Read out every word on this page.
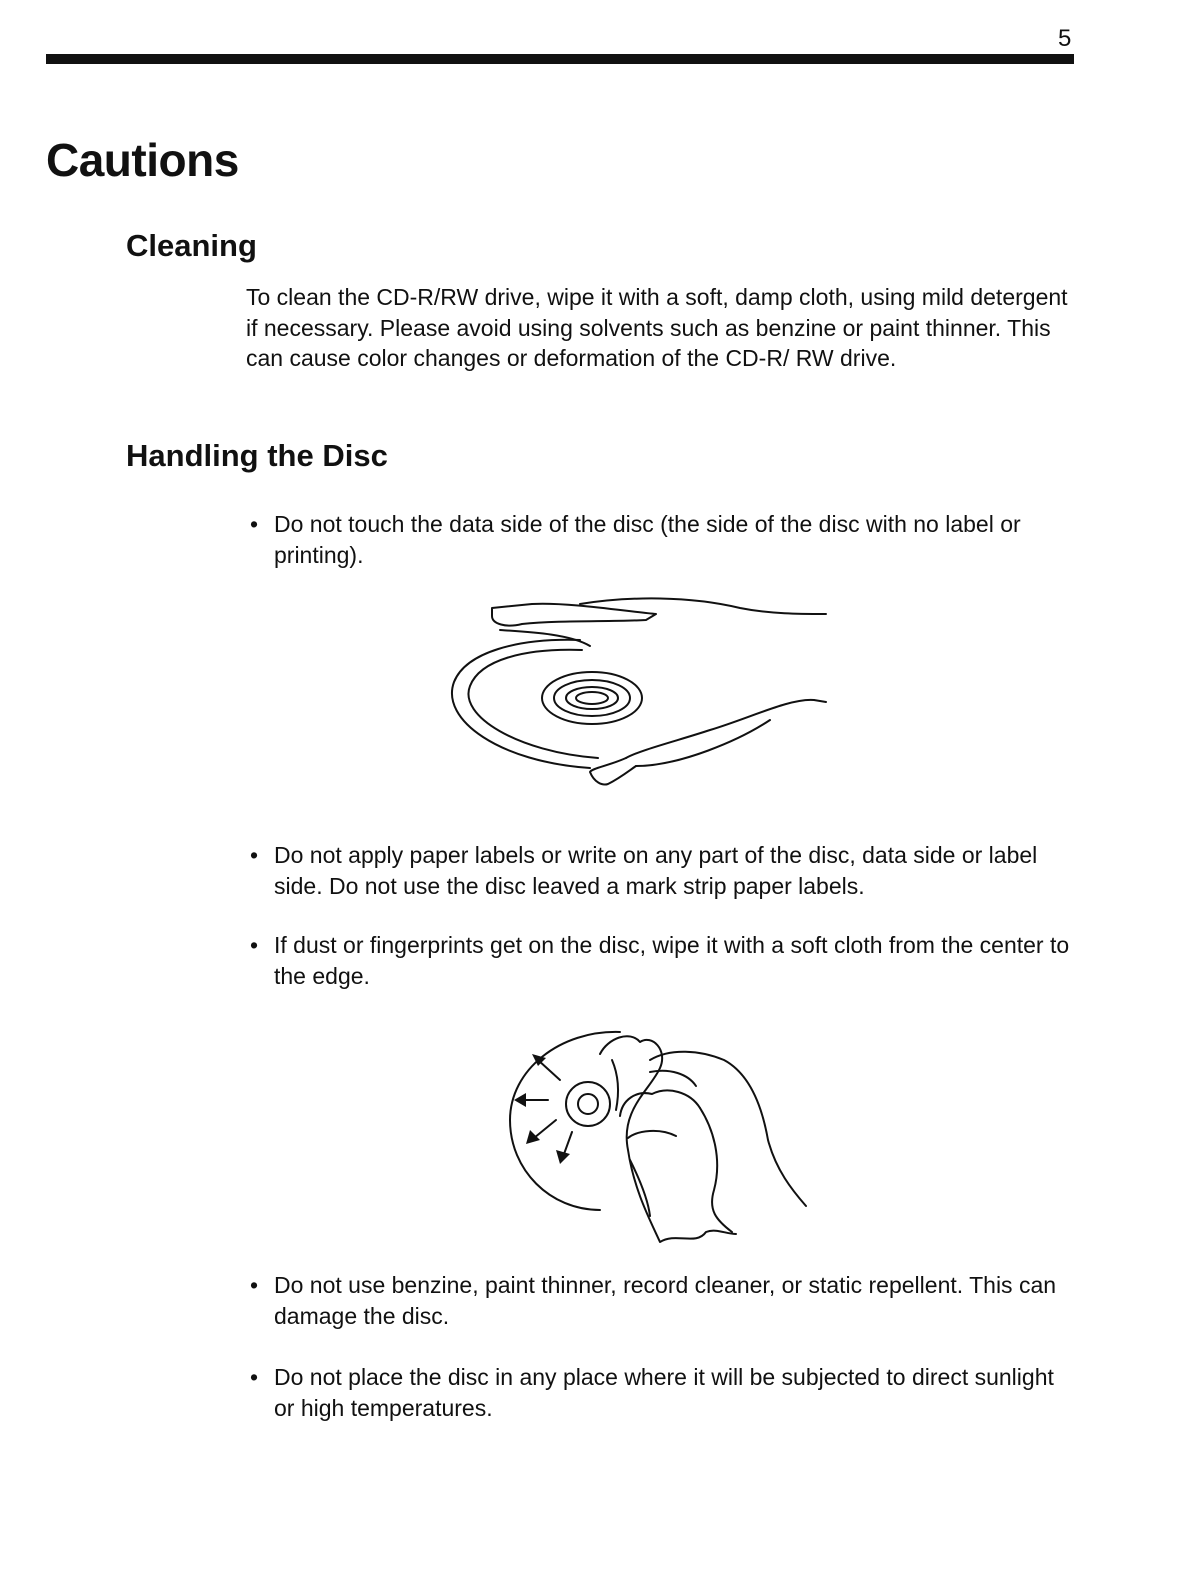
5
Cautions
Cleaning

To clean the CD-R/RW drive, wipe it with a soft, damp cloth, using mild detergent if necessary. Please avoid using solvents such as benzine or paint thinner. This can cause color changes or deformation of the CD-R/ RW drive.

Handling the Disc
• Do not touch the data side of the disc (the side of the disc with no label or printing).
• Do not apply paper labels or write on any part of the disc, data side or label side. Do not use the disc leaved a mark strip paper labels.
• If dust or fingerprints get on the disc, wipe it with a soft cloth from the center to the edge.
• Do not use benzine, paint thinner, record cleaner, or static repellent. This can damage the disc.
• Do not place the disc in any place where it will be subjected to direct sunlight or high temperatures.
